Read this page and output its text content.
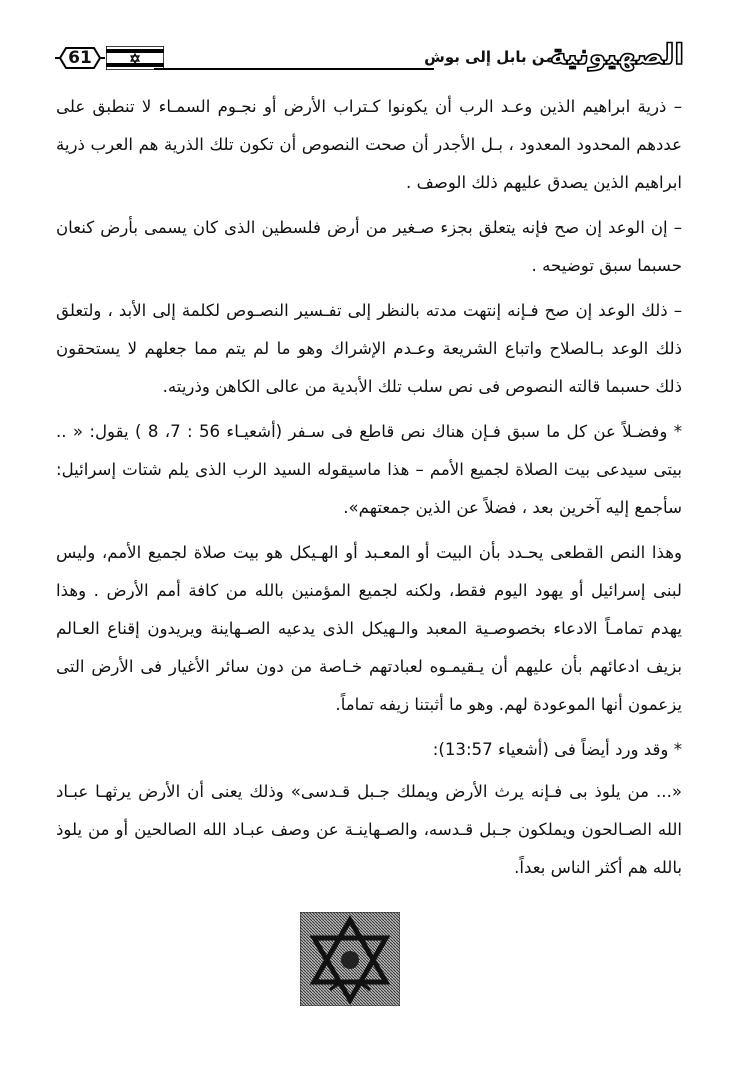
61	..من بابل إلى بوش
الصهيونية

– ذرية ابراهيم الذين وعـد الرب أن يكونوا كـتراب الأرض أو نجـوم السمـاء لا تنطبق على عددهم المحدود المعدود ، بـل الأجدر أن صحت النصوص أن تكون تلك الذرية هم العرب ذرية ابراهيم الذين يصدق عليهم ذلك الوصف .

– إن الوعد إن صح فإنه يتعلق بجزء صـغير من أرض فلسطين الذى كان يسمى بأرض كنعان حسبما سبق توضيحه .

– ذلك الوعد إن صح فـإنه إنتهت مدته بالنظر إلى تفـسير النصـوص لكلمة إلى الأبد ، ولتعلق ذلك الوعد بـالصلاح واتباع الشريعة وعـدم الإشراك وهو ما لم يتم مما جعلهم لا يستحقون ذلك حسبما قالته النصوص فى نص سلب تلك الأبدية من عالى الكاهن وذريته.

* وفضـلاً عن كل ما سبق فـإن هناك نص قاطع فى سـفر (أشعيـاء 56 : 7، 8 ) يقول: « .. بيتى سيدعى بيت الصلاة لجميع الأمم – هذا ماسيقوله السيد الرب الذى يلم شتات إسرائيل: سأجمع إليه آخرين بعد ، فضلاً عن الذين جمعتهم».

وهذا النص القطعى يحـدد بأن البيت أو المعـبد أو الهـيكل هو بيت صلاة لجميع الأمم، وليس لبنى إسرائيل أو يهود اليوم فقط، ولكنه لجميع المؤمنين بالله من كافة أمم الأرض . وهذا يهدم تمامـاً الادعاء بخصوصـية المعبد والـهيكل الذى يدعيه الصـهاينة ويريدون إقناع العـالم بزيف ادعائهم بأن عليهم أن يـقيمـوه لعبادتهم خـاصة من دون سائر الأغيار فى الأرض التى يزعمون أنها الموعودة لهم. وهو ما أثبتنا زيفه تماماً.

* وقد ورد أيضاً فى (أشعياء 13:57):

«... من يلوذ بى فـإنه يرث الأرض ويملك جـبل قـدسى» وذلك يعنى أن الأرض يرثهـا عبـاد الله الصـالحون ويملكون جـبل قـدسه، والصـهاينـة عن وصف عبـاد الله الصالحين أو من يلوذ بالله هم أكثر الناس بعداً.
